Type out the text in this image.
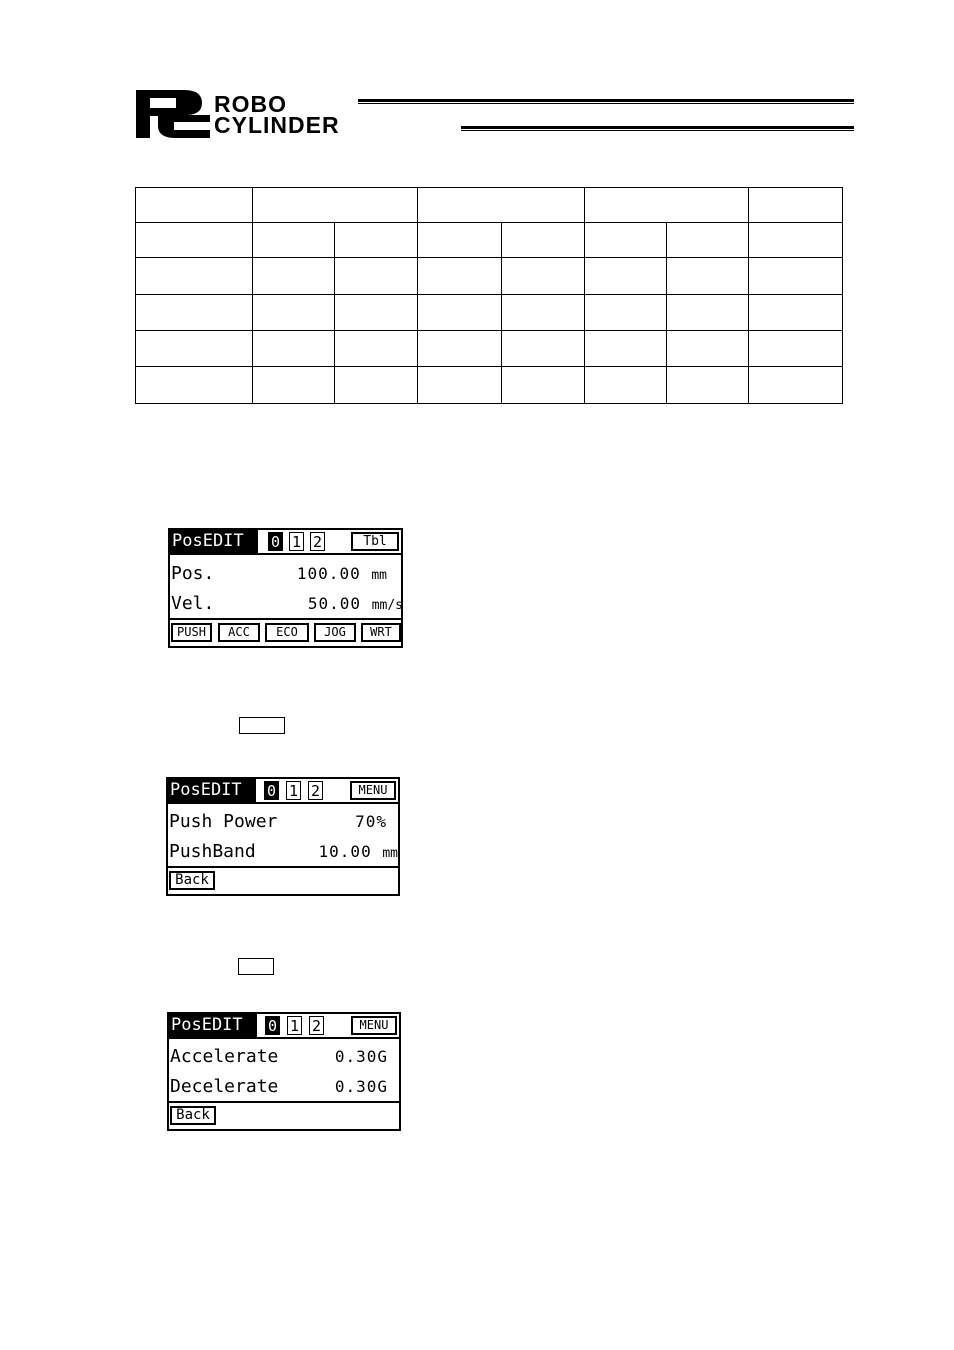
ROBO
CYLINDER

PosEDIT	0 1 2	Tbl
Pos.	100.00 mm
Vel.	50.00 mm/s
PUSH	ACC	ECO	JOG	WRT
PosEDIT	0 1 2	MENU
Push Power	70%
PushBand	10.00 mm
Back
PosEDIT	0 1 2	MENU
Accelerate	0.30G
Decelerate	0.30G
Back
